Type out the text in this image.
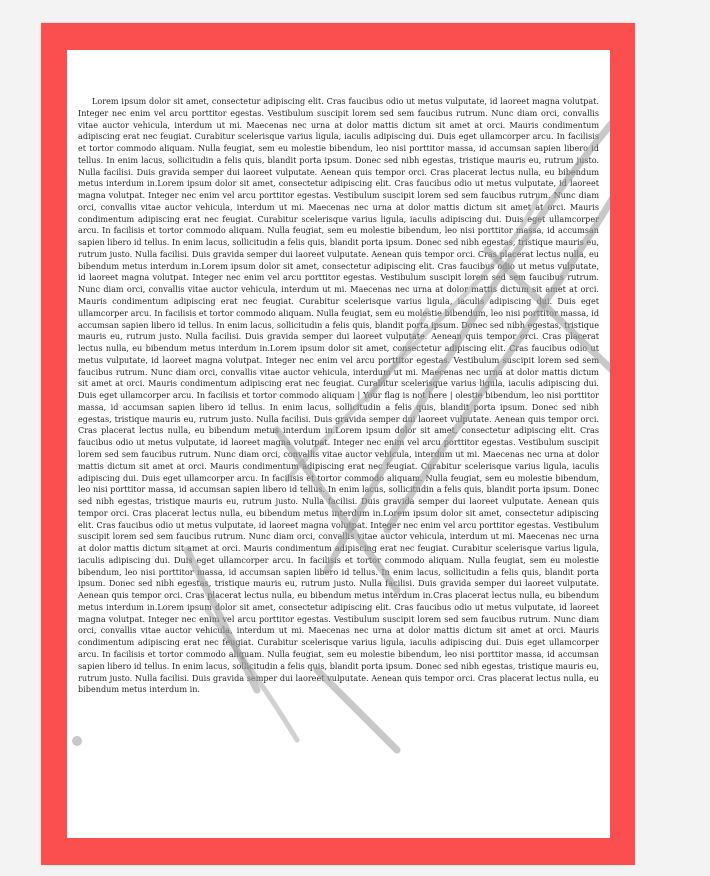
Lorem ipsum dolor sit amet, consectetur adipiscing elit. Cras faucibus odio ut metus vulputate, id laoreet magna volutpat. Integer nec enim vel arcu porttitor egestas. Vestibulum suscipit lorem sed sem faucibus rutrum. Nunc diam orci, convallis vitae auctor vehicula, interdum ut mi. Maecenas nec urna at dolor mattis dictum sit amet at orci. Mauris condimentum adipiscing erat nec feugiat. Curabitur scelerisque varius ligula, iaculis adipiscing dui. Duis eget ullamcorper arcu. In facilisis et tortor commodo aliquam. Nulla feugiat, sem eu molestie bibendum, leo nisi porttitor massa, id accumsan sapien libero id tellus. In enim lacus, sollicitudin a felis quis, blandit porta ipsum. Donec sed nibh egestas, tristique mauris eu, rutrum justo. Nulla facilisi. Duis gravida semper dui laoreet vulputate. Aenean quis tempor orci. Cras placerat lectus nulla, eu bibendum metus interdum in.Lorem ipsum dolor sit amet, consectetur adipiscing elit. Cras faucibus odio ut metus vulputate, id laoreet magna volutpat. Integer nec enim vel arcu porttitor egestas. Vestibulum suscipit lorem sed sem faucibus rutrum. Nunc diam orci, convallis vitae auctor vehicula, interdum ut mi. Maecenas nec urna at dolor mattis dictum sit amet at orci. Mauris condimentum adipiscing erat nec feugiat. Curabitur scelerisque varius ligula, iaculis adipiscing dui. Duis eget ullamcorper arcu. In facilisis et tortor commodo aliquam. Nulla feugiat, sem eu molestie bibendum, leo nisi porttitor massa, id accumsan sapien libero id tellus. In enim lacus, sollicitudin a felis quis, blandit porta ipsum. Donec sed nibh egestas, tristique mauris eu, rutrum justo. Nulla facilisi. Duis gravida semper dui laoreet vulputate. Aenean quis tempor orci. Cras placerat lectus nulla, eu bibendum metus interdum in.Lorem ipsum dolor sit amet, consectetur adipiscing elit. Cras faucibus odio ut metus vulputate, id laoreet magna volutpat. Integer nec enim vel arcu porttitor egestas. Vestibulum suscipit lorem sed sem faucibus rutrum. Nunc diam orci, convallis vitae auctor vehicula, interdum ut mi. Maecenas nec urna at dolor mattis dictum sit amet at orci. Mauris condimentum adipiscing erat nec feugiat. Curabitur scelerisque varius ligula, iaculis adipiscing dui. Duis eget ullamcorper arcu. In facilisis et tortor commodo aliquam. Nulla feugiat, sem eu molestie bibendum, leo nisi porttitor massa, id accumsan sapien libero id tellus. In enim lacus, sollicitudin a felis quis, blandit porta ipsum. Donec sed nibh egestas, tristique mauris eu, rutrum justo. Nulla facilisi. Duis gravida semper dui laoreet vulputate. Aenean quis tempor orci. Cras placerat lectus nulla, eu bibendum metus interdum in.Lorem ipsum dolor sit amet, consectetur adipiscing elit. Cras faucibus odio ut metus vulputate, id laoreet magna volutpat. Integer nec enim vel arcu porttitor egestas. Vestibulum suscipit lorem sed sem faucibus rutrum. Nunc diam orci, convallis vitae auctor vehicula, interdum ut mi. Maecenas nec urna at dolor mattis dictum sit amet at orci. Mauris condimentum adipiscing erat nec feugiat. Curabitur scelerisque varius ligula, iaculis adipiscing dui. Duis eget ullamcorper arcu. In facilisis et tortor commodo aliquam | Your flag is not here | olestie bibendum, leo nisi porttitor massa, id accumsan sapien libero id tellus. In enim lacus, sollicitudin a felis quis, blandit porta ipsum. Donec sed nibh egestas, tristique mauris eu, rutrum justo. Nulla facilisi. Duis gravida semper dui laoreet vulputate. Aenean quis tempor orci. Cras placerat lectus nulla, eu bibendum metus interdum in.Lorem ipsum dolor sit amet, consectetur adipiscing elit. Cras faucibus odio ut metus vulputate, id laoreet magna volutpat. Integer nec enim vel arcu porttitor egestas. Vestibulum suscipit lorem sed sem faucibus rutrum. Nunc diam orci, convallis vitae auctor vehicula, interdum ut mi. Maecenas nec urna at dolor mattis dictum sit amet at orci. Mauris condimentum adipiscing erat nec feugiat. Curabitur scelerisque varius ligula, iaculis adipiscing dui. Duis eget ullamcorper arcu. In facilisis et tortor commodo aliquam. Nulla feugiat, sem eu molestie bibendum, leo nisi porttitor massa, id accumsan sapien libero id tellus. In enim lacus, sollicitudin a felis quis, blandit porta ipsum. Donec sed nibh egestas, tristique mauris eu, rutrum justo. Nulla facilisi. Duis gravida semper dui laoreet vulputate. Aenean quis tempor orci. Cras placerat lectus nulla, eu bibendum metus interdum in.Lorem ipsum dolor sit amet, consectetur adipiscing elit. Cras faucibus odio ut metus vulputate, id laoreet magna volutpat. Integer nec enim vel arcu porttitor egestas. Vestibulum suscipit lorem sed sem faucibus rutrum. Nunc diam orci, convallis vitae auctor vehicula, interdum ut mi. Maecenas nec urna at dolor mattis dictum sit amet at orci. Mauris condimentum adipiscing erat nec feugiat. Curabitur scelerisque varius ligula, iaculis adipiscing dui. Duis eget ullamcorper arcu. In facilisis et tortor commodo aliquam. Nulla feugiat, sem eu molestie bibendum, leo nisi porttitor massa, id accumsan sapien libero id tellus. In enim lacus, sollicitudin a felis quis, blandit porta ipsum. Donec sed nibh egestas, tristique mauris eu, rutrum justo. Nulla facilisi. Duis gravida semper dui laoreet vulputate. Aenean quis tempor orci. Cras placerat lectus nulla, eu bibendum metus interdum in.Cras placerat lectus nulla, eu bibendum metus interdum in.Lorem ipsum dolor sit amet, consectetur adipiscing elit. Cras faucibus odio ut metus vulputate, id laoreet magna volutpat. Integer nec enim vel arcu porttitor egestas. Vestibulum suscipit lorem sed sem faucibus rutrum. Nunc diam orci, convallis vitae auctor vehicula, interdum ut mi. Maecenas nec urna at dolor mattis dictum sit amet at orci. Mauris condimentum adipiscing erat nec feugiat. Curabitur scelerisque varius ligula, iaculis adipiscing dui. Duis eget ullamcorper arcu. In facilisis et tortor commodo aliquam. Nulla feugiat, sem eu molestie bibendum, leo nisi porttitor massa, id accumsan sapien libero id tellus. In enim lacus, sollicitudin a felis quis, blandit porta ipsum. Donec sed nibh egestas, tristique mauris eu, rutrum justo. Nulla facilisi. Duis gravida semper dui laoreet vulputate. Aenean quis tempor orci. Cras placerat lectus nulla, eu bibendum metus interdum in.
